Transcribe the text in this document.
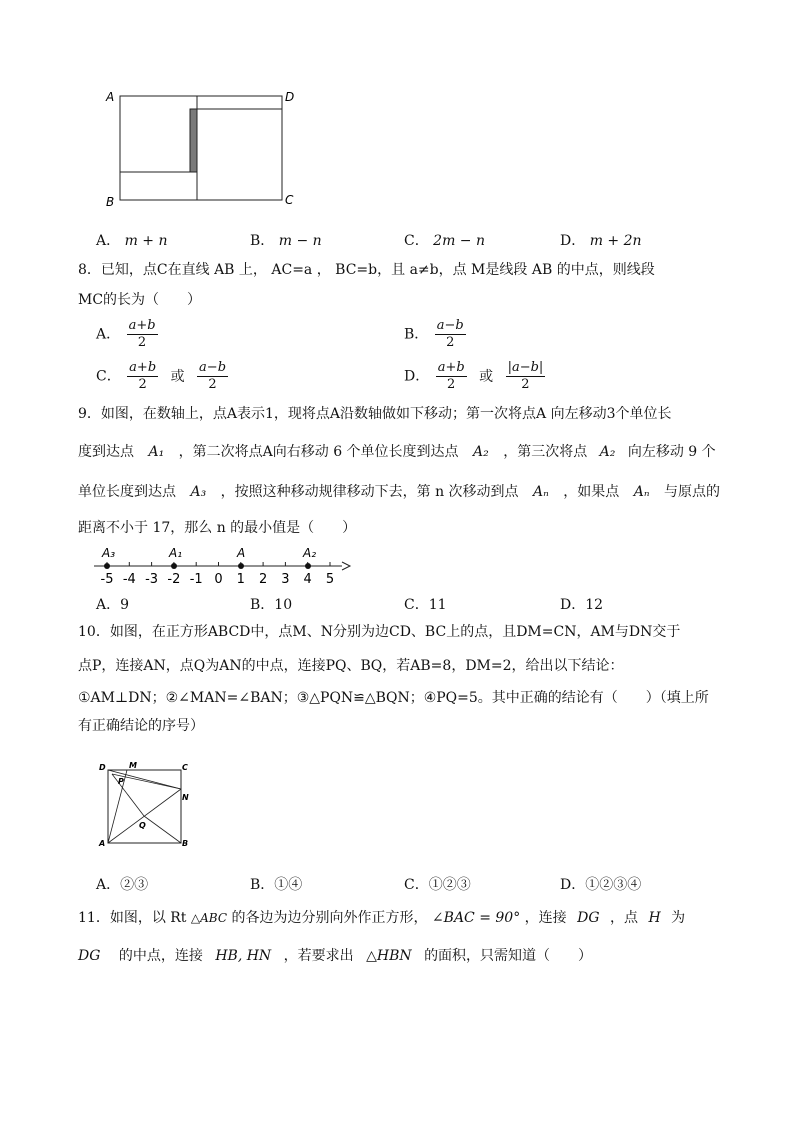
A	D
B	C
A． m + n	B． m − n	C． 2m − n	D． m + 2n
8．已知，点C在直线 AB 上， AC=a ， BC=b，且 a≠b，点 M是线段 AB 的中点，则线段
MC的长为（　　）
A． $\frac{a+b}{2}$	B． $\frac{a-b}{2}$
C． $\frac{a+b}{2}$ 或 $\frac{a-b}{2}$	D． $\frac{a+b}{2}$ 或 $\frac{|a-b|}{2}$
9．如图，在数轴上，点A表示1，现将点A沿数轴做如下移动；第一次将点A 向左移动3个单位长
度到达点 A₁ ，第二次将点A向右移动 6 个单位长度到达点 A₂ ，第三次将点 A₂ 向左移动 9 个
单位长度到达点 A₃ ，按照这种移动规律移动下去，第 n 次移动到点 Aₙ ，如果点 Aₙ 与原点的
距离不小于 17，那么 n 的最小值是（　　）
-5 -4 -3 -2 -1 0 1 2 3 4 5
A₃	A₁	A	A₂
A．9	B．10	C．11	D．12
10．如图，在正方形ABCD中，点M、N分别为边CD、BC上的点，且DM=CN，AM与DN交于
点P，连接AN，点Q为AN的中点，连接PQ、BQ，若AB=8，DM=2，给出以下结论：
①AM⊥DN；②∠MAN=∠BAN；③△PQN≌△BQN；④PQ=5。其中正确的结论有（　　）（填上所
有正确结论的序号）
D	M	C
P
N
Q
A	B
A．②③	B．①④	C．①②③	D．①②③④
11．如图，以 Rt △ABC 的各边为边分别向外作正方形， ∠BAC = 90° ，连接 DG ，点 H 为
DG 的中点，连接 HB, HN ，若要求出 △HBN 的面积，只需知道（　　）
